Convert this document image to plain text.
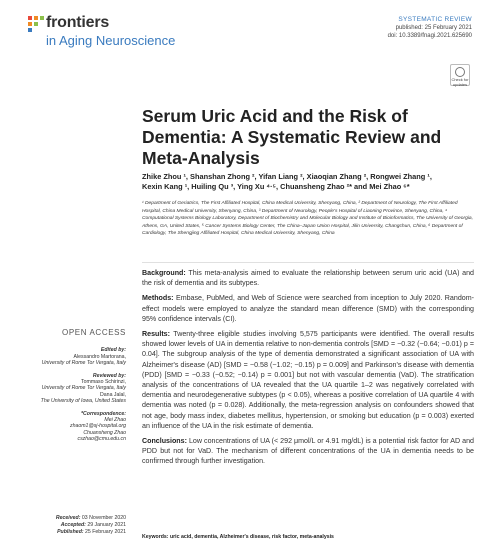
frontiers
in Aging Neuroscience
SYSTEMATIC REVIEW
published: 25 February 2021
doi: 10.3389/fnagi.2021.625690
Check for
updates
Serum Uric Acid and the Risk of Dementia: A Systematic Review and Meta-Analysis
Zhike Zhou ¹, Shanshan Zhong ², Yifan Liang ², Xiaoqian Zhang ², Rongwei Zhang ¹,
Kexin Kang ¹, Huiling Qu ³, Ying Xu ⁴·⁵, Chuansheng Zhao ²* and Mei Zhao ⁶*
¹ Department of Geriatrics, The First Affiliated Hospital, China Medical University, Shenyang, China, ² Department of Neurology, The First Affiliated Hospital, China Medical University, Shenyang, China, ³ Department of Neurology, People's Hospital of Liaoning Province, Shenyang, China, ⁴ Computational Systems Biology Laboratory, Department of Biochemistry and Molecular Biology and Institute of Bioinformatics, The University of Georgia, Athens, GA, United States, ⁵ Cancer Systems Biology Center, The China–Japan Union Hospital, Jilin University, Changchun, China, ⁶ Department of Cardiology, The Shengjing Affiliated Hospital, China Medical University, Shenyang, China

Background: This meta-analysis aimed to evaluate the relationship between serum uric acid (UA) and the risk of dementia and its subtypes.

Methods: Embase, PubMed, and Web of Science were searched from inception to July 2020. Random-effect models were employed to analyze the standard mean difference (SMD) with the corresponding 95% confidence intervals (CI).

Results: Twenty-three eligible studies involving 5,575 participants were identified. The overall results showed lower levels of UA in dementia relative to non-dementia controls [SMD = −0.32 (−0.64; −0.01) p = 0.04]. The subgroup analysis of the type of dementia demonstrated a significant association of UA with Alzheimer's disease (AD) [SMD = −0.58 (−1.02; −0.15) p = 0.009] and Parkinson's disease with dementia (PDD) [SMD = −0.33 (−0.52; −0.14) p = 0.001] but not with vascular dementia (VaD). The stratification analysis of the concentrations of UA revealed that the UA quartile 1–2 was negatively correlated with dementia and neurodegenerative subtypes (p < 0.05), whereas a positive correlation of UA quartile 4 with dementia was noted (p = 0.028). Additionally, the meta-regression analysis on confounders showed that not age, body mass index, diabetes mellitus, hypertension, or smoking but education (p = 0.003) exerted an influence of the UA in the risk estimate of dementia.

Conclusions: Low concentrations of UA (< 292 μmol/L or 4.91 mg/dL) is a potential risk factor for AD and PDD but not for VaD. The mechanism of different concentrations of the UA in dementia needs to be confirmed through further investigation.

Keywords: uric acid, dementia, Alzheimer's disease, risk factor, meta-analysis
OPEN ACCESS
Edited by:
Alessandro Martorana,
University of Rome Tor Vergata, Italy
Reviewed by:
Tommaso Schirinzi,
University of Rome Tor Vergata, Italy
Dana Jalal,
The University of Iowa, United States
*Correspondence:
Mei Zhao
zhaom1@sj-hospital.org
Chuansheng Zhao
cszhao@cmu.edu.cn
Received: 03 November 2020
Accepted: 29 January 2021
Published: 25 February 2021
